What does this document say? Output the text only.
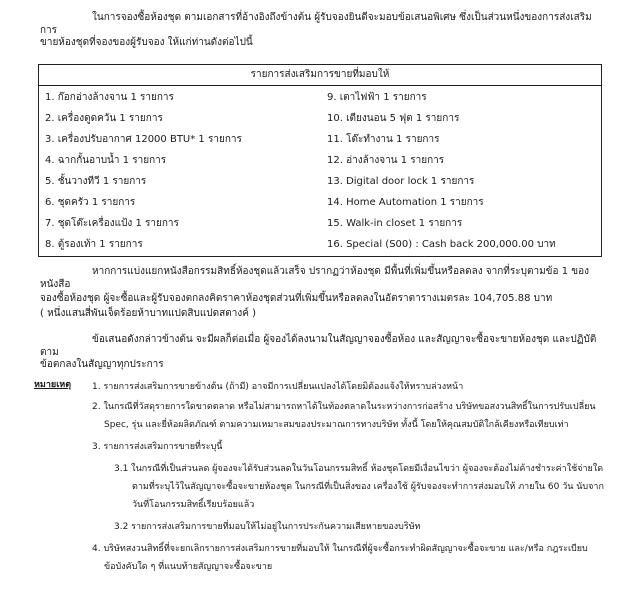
ในการจองซื้อห้องชุด ตามเอกสารที่อ้างอิงถึงข้างต้น ผู้รับจองยินดีจะมอบข้อเสนอพิเศษ ซึ่งเป็นส่วนหนึ่งของการส่งเสริมการ

ขายห้องชุดที่จองของผู้รับจอง ให้แก่ท่านดังต่อไปนี้

รายการส่งเสริมการขายที่มอบให้
1. ก๊อกอ่างล้างจาน 1 รายการ
2. เครื่องดูดควัน 1 รายการ
3. เครื่องปรับอากาศ 12000 BTU* 1 รายการ
4. ฉากกั้นอาบน้ำ 1 รายการ
5. ชั้นวางทีวี 1 รายการ
6. ชุดครัว 1 รายการ
7. ชุดโต๊ะเครื่องแป้ง 1 รายการ
8. ตู้รองเท้า 1 รายการ
9. เตาไฟฟ้า 1 รายการ
10. เตียงนอน 5 ฟุต 1 รายการ
11. โต๊ะทำงาน 1 รายการ
12. อ่างล้างจาน 1 รายการ
13. Digital door lock 1 รายการ
14. Home Automation 1 รายการ
15. Walk-in closet 1 รายการ
16. Special (S00) : Cash back 200,000.00 บาท

หากการแบ่งแยกหนังสือกรรมสิทธิ์ห้องชุดแล้วเสร็จ ปรากฏว่าห้องชุด มีพื้นที่เพิ่มขึ้นหรือลดลง จากที่ระบุตามข้อ 1 ของหนังสือ

จองซื้อห้องชุด ผู้จะซื้อและผู้รับจองตกลงคิดราคาห้องชุดส่วนที่เพิ่มขึ้นหรือลดลงในอัตราตารางเมตรละ 104,705.88 บาท

( หนึ่งแสนสี่พันเจ็ดร้อยห้าบาทแปดสิบแปดสตางค์ )

ข้อเสนอดังกล่าวข้างต้น จะมีผลก็ต่อเมื่อ ผู้จองได้ลงนามในสัญญาจองซื้อห้อง และสัญญาจะซื้อจะขายห้องชุด และปฏิบัติตาม

ข้อตกลงในสัญญาทุกประการ

หมายเหตุ 1. รายการส่งเสริมการขายข้างต้น (ถ้ามี) อาจมีการเปลี่ยนแปลงได้โดยมิต้องแจ้งให้ทราบล่วงหน้า
2. ในกรณีที่วัสดุรายการใดขาดตลาด หรือไม่สามารถหาได้ในท้องตลาดในระหว่างการก่อสร้าง บริษัทขอสงวนสิทธิ์ในการปรับเปลี่ยน
Spec, รุ่น และยี่ห้อผลิตภัณฑ์ ตามความเหมาะสมของประมาณการทางบริษัท ทั้งนี้ โดยให้คุณสมบัติใกล้เคียงหรือเทียบเท่า
3. รายการส่งเสริมการขายที่ระบุนี้
3.1 ในกรณีที่เป็นส่วนลด ผู้จองจะได้รับส่วนลดในวันโอนกรรมสิทธิ์ ห้องชุดโดยมีเงื่อนไขว่า ผู้จองจะต้องไม่ค้างชำระค่าใช้จ่ายใด
ตามที่ระบุไว้ในสัญญาจะซื้อจะขายห้องชุด ในกรณีที่เป็นสิ่งของ เครื่องใช้ ผู้รับจองจะทำการส่งมอบให้ ภายใน 60 วัน นับจาก
วันที่โอนกรรมสิทธิ์เรียบร้อยแล้ว
3.2 รายการส่งเสริมการขายที่มอบให้ไม่อยู่ในการประกันความเสียหายของบริษัท
4. บริษัทสงวนสิทธิ์ที่จะยกเลิกรายการส่งเสริมการขายที่มอบให้ ในกรณีที่ผู้จะซื้อกระทำผิดสัญญาจะซื้อจะขาย และ/หรือ กฎระเบียบ
ข้อบังคับใด ๆ ที่แนบท้ายสัญญาจะซื้อจะขาย
